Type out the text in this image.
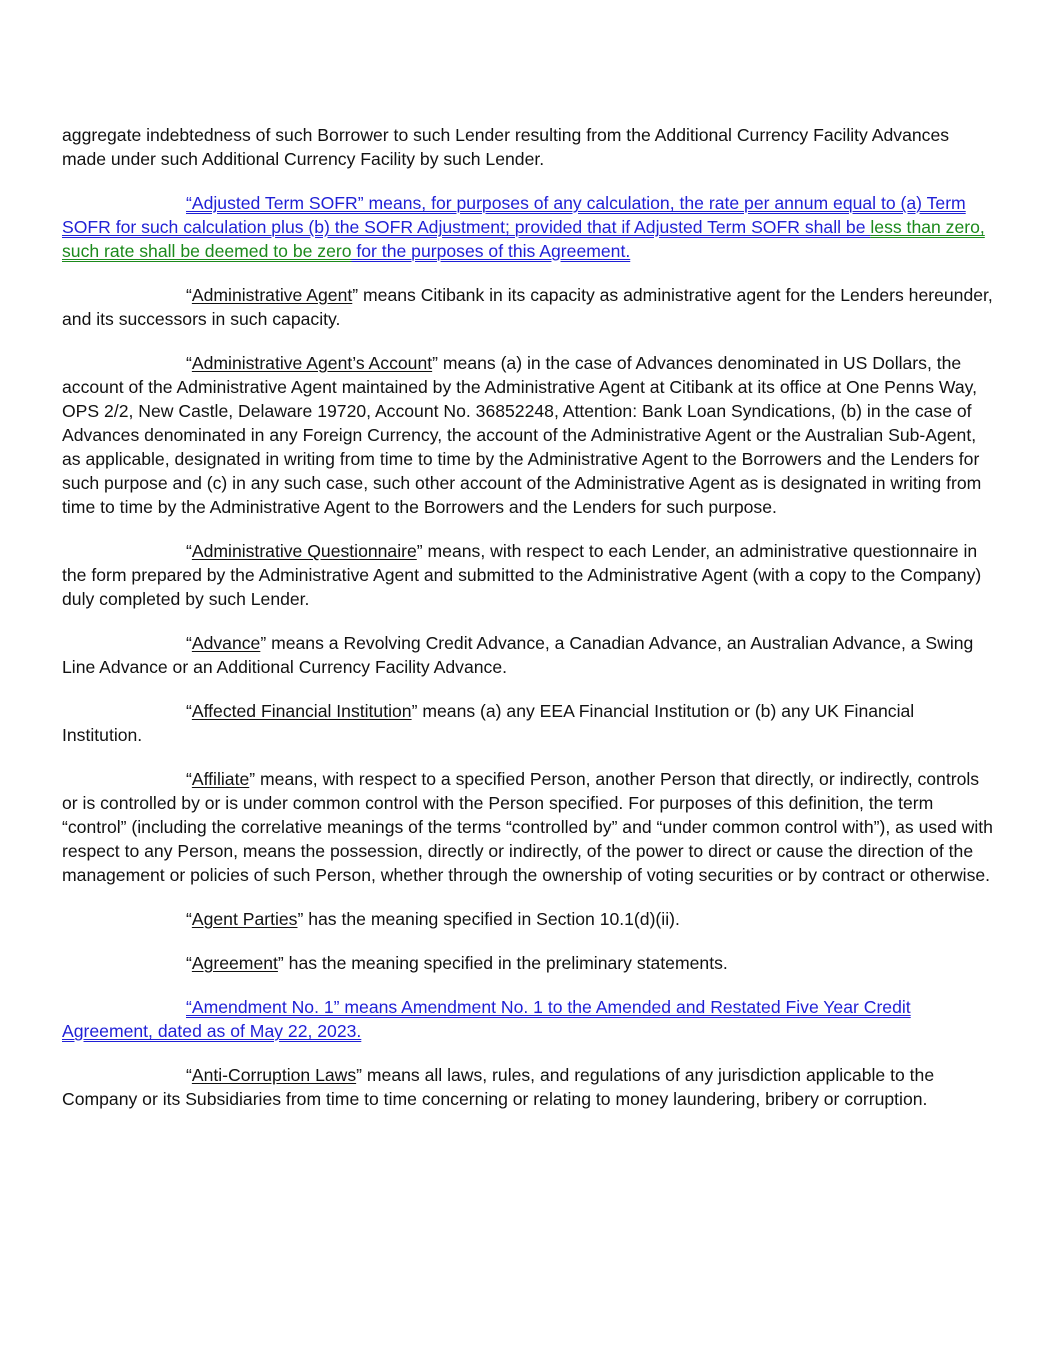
aggregate indebtedness of such Borrower to such Lender resulting from the Additional Currency Facility Advances made under such Additional Currency Facility by such Lender.

“Adjusted Term SOFR” means, for purposes of any calculation, the rate per annum equal to (a) Term SOFR for such calculation plus (b) the SOFR Adjustment; provided that if Adjusted Term SOFR shall be less than zero, such rate shall be deemed to be zero for the purposes of this Agreement.

“Administrative Agent” means Citibank in its capacity as administrative agent for the Lenders hereunder, and its successors in such capacity.

“Administrative Agent’s Account” means (a) in the case of Advances denominated in US Dollars, the account of the Administrative Agent maintained by the Administrative Agent at Citibank at its office at One Penns Way, OPS 2/2, New Castle, Delaware 19720, Account No. 36852248, Attention: Bank Loan Syndications, (b) in the case of Advances denominated in any Foreign Currency, the account of the Administrative Agent or the Australian Sub-Agent, as applicable, designated in writing from time to time by the Administrative Agent to the Borrowers and the Lenders for such purpose and (c) in any such case, such other account of the Administrative Agent as is designated in writing from time to time by the Administrative Agent to the Borrowers and the Lenders for such purpose.

“Administrative Questionnaire” means, with respect to each Lender, an administrative questionnaire in the form prepared by the Administrative Agent and submitted to the Administrative Agent (with a copy to the Company) duly completed by such Lender.

“Advance” means a Revolving Credit Advance, a Canadian Advance, an Australian Advance, a Swing Line Advance or an Additional Currency Facility Advance.

“Affected Financial Institution” means (a) any EEA Financial Institution or (b) any UK Financial Institution.

“Affiliate” means, with respect to a specified Person, another Person that directly, or indirectly, controls or is controlled by or is under common control with the Person specified. For purposes of this definition, the term “control” (including the correlative meanings of the terms “controlled by” and “under common control with”), as used with respect to any Person, means the possession, directly or indirectly, of the power to direct or cause the direction of the management or policies of such Person, whether through the ownership of voting securities or by contract or otherwise.

“Agent Parties” has the meaning specified in Section 10.1(d)(ii).

“Agreement” has the meaning specified in the preliminary statements.

“Amendment No. 1” means Amendment No. 1 to the Amended and Restated Five Year Credit Agreement, dated as of May 22, 2023.

“Anti-Corruption Laws” means all laws, rules, and regulations of any jurisdiction applicable to the Company or its Subsidiaries from time to time concerning or relating to money laundering, bribery or corruption.
